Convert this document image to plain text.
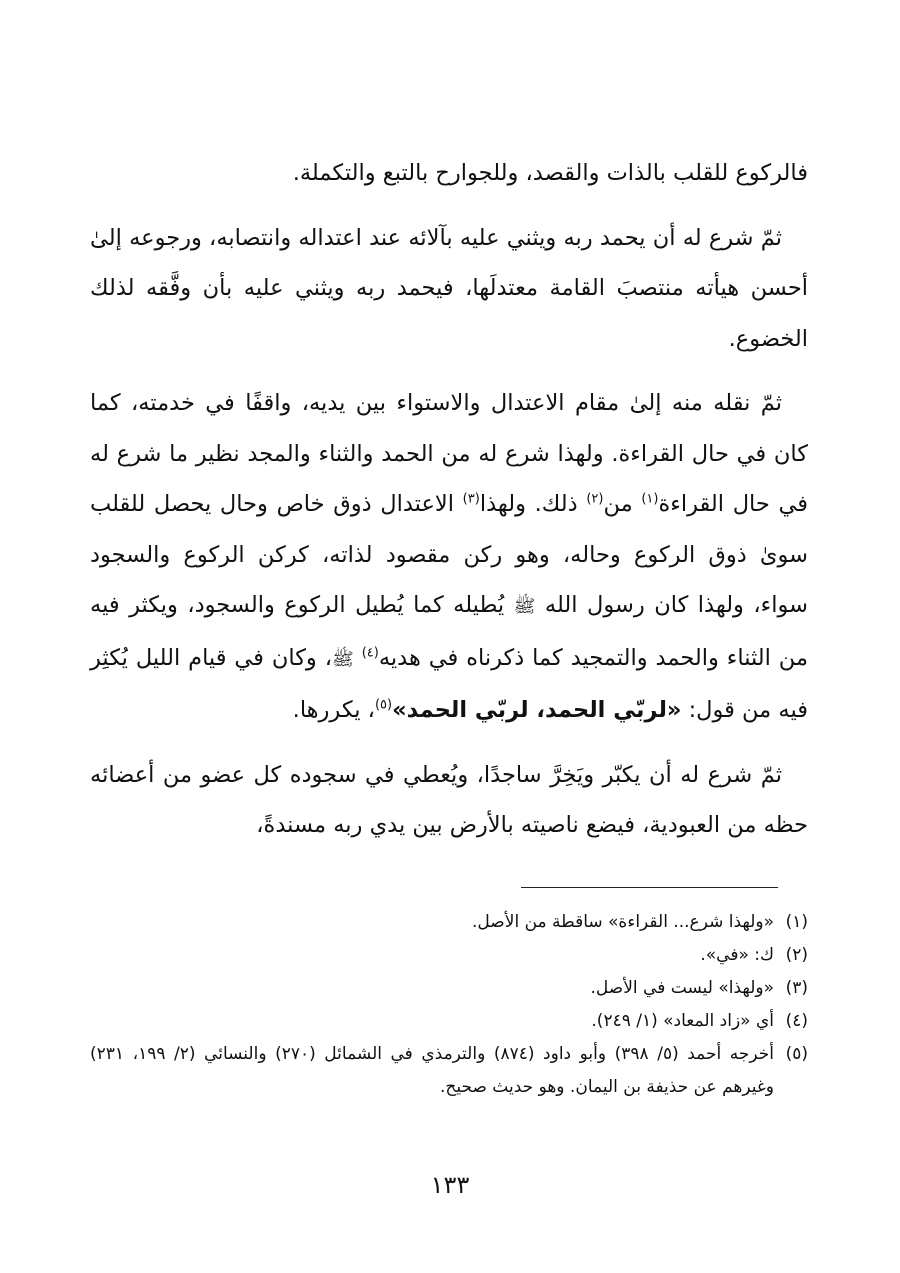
فالركوع للقلب بالذات والقصد، وللجوارح بالتبع والتكملة.

ثمّ شرع له أن يحمد ربه ويثني عليه بآلائه عند اعتداله وانتصابه، ورجوعه إلىٰ أحسن هيأته منتصبَ القامة معتدلَها، فيحمد ربه ويثني عليه بأن وفَّقه لذلك الخضوع.

ثمّ نقله منه إلىٰ مقام الاعتدال والاستواء بين يديه، واقفًا في خدمته، كما كان في حال القراءة. ولهذا شرع له من الحمد والثناء والمجد نظير ما شرع له في حال القراءة$^{(١)}$ من$^{(٢)}$ ذلك. ولهذا$^{(٣)}$ الاعتدال ذوق خاص وحال يحصل للقلب سوىٰ ذوق الركوع وحاله، وهو ركن مقصود لذاته، كركن الركوع والسجود سواء، ولهذا كان رسول الله ﷺ يُطيله كما يُطيل الركوع والسجود، ويكثر فيه من الثناء والحمد والتمجيد كما ذكرناه في هديه$^{(٤)}$ ﷺ، وكان في قيام الليل يُكثِر فيه من قول: «لربّي الحمد، لربّي الحمد»$^{(٥)}$، يكررها.

ثمّ شرع له أن يكبّر ويَخِرَّ ساجدًا، ويُعطي في سجوده كل عضو من أعضائه حظه من العبودية، فيضع ناصيته بالأرض بين يدي ربه مسندةً،

(١)
«ولهذا شرع... القراءة» ساقطة من الأصل.
(٢)
ك: «في».
(٣)
«ولهذا» ليست في الأصل.
(٤)
أي «زاد المعاد» (١/ ٢٤٩).
(٥)
أخرجه أحمد (٥/ ٣٩٨) وأبو داود (٨٧٤) والترمذي في الشمائل (٢٧٠) والنسائي (٢/ ١٩٩، ٢٣١) وغيرهم عن حذيفة بن اليمان. وهو حديث صحيح.
١٣٣
